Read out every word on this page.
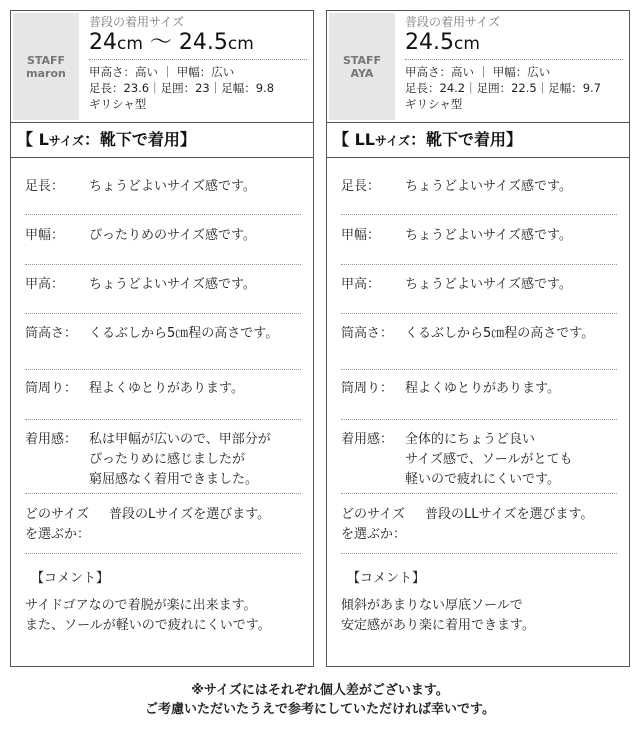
STAFF
maron
普段の着用サイズ
24cm ～ 24.5cm
甲高さ：高い ｜ 甲幅：広い
足長：23.6｜足囲：23｜足幅：9.8
ギリシャ型
【 Lサイズ：靴下で着用】
足長：	ちょうどよいサイズ感です。
甲幅：	ぴったりめのサイズ感です。
甲高：	ちょうどよいサイズ感です。
筒高さ： くるぶしから5㎝程の高さです。
筒周り： 程よくゆとりがあります。
着用感： 私は甲幅が広いので、甲部分が
ぴったりめに感じましたが
窮屈感なく着用できました。
どのサイズ
を選ぶか：
普段のLサイズを選びます。
【コメント】
サイドゴアなので着脱が楽に出来ます。
また、ソールが軽いので疲れにくいです。
STAFF
AYA
普段の着用サイズ
24.5cm
甲高さ：高い ｜ 甲幅：広い
足長：24.2｜足囲：22.5｜足幅：9.7
ギリシャ型
【 LLサイズ：靴下で着用】
足長：	ちょうどよいサイズ感です。
甲幅：	ちょうどよいサイズ感です。
甲高：	ちょうどよいサイズ感です。
筒高さ： くるぶしから5㎝程の高さです。
筒周り： 程よくゆとりがあります。
着用感： 全体的にちょうど良い
サイズ感で、ソールがとても
軽いので疲れにくいです。
どのサイズ
を選ぶか：
普段のLLサイズを選びます。
【コメント】
傾斜があまりない厚底ソールで
安定感があり楽に着用できます。
※サイズにはそれぞれ個人差がございます。
ご考慮いただいたうえで参考にしていただければ幸いです。
